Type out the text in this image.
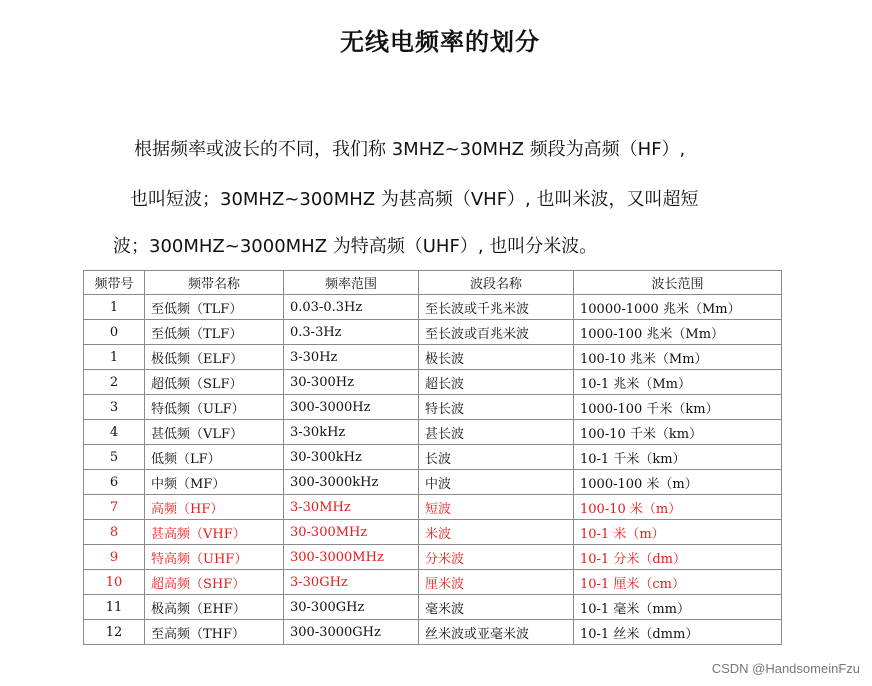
无线电频率的划分
根据频率或波长的不同，我们称 3MHZ~30MHZ 频段为高频（HF）,
也叫短波；30MHZ~300MHZ 为甚高频（VHF）, 也叫米波，又叫超短
波；300MHZ~3000MHZ 为特高频（UHF）, 也叫分米波。
频带号	频带名称	频率范围	波段名称	波长范围
1	至低频（TLF）	0.03-0.3Hz	至长波或千兆米波	10000-1000 兆米（Mm）
0	至低频（TLF）	0.3-3Hz	至长波或百兆米波	1000-100 兆米（Mm）
1	极低频（ELF）	3-30Hz	极长波	100-10 兆米（Mm）
2	超低频（SLF）	30-300Hz	超长波	10-1 兆米（Mm）
3	特低频（ULF）	300-3000Hz	特长波	1000-100 千米（km）
4	甚低频（VLF）	3-30kHz	甚长波	100-10 千米（km）
5	低频（LF）	30-300kHz	长波	10-1 千米（km）
6	中频（MF）	300-3000kHz	中波	1000-100 米（m）
7	高频（HF）	3-30MHz	短波	100-10 米（m）
8	甚高频（VHF）	30-300MHz	米波	10-1 米（m）
9	特高频（UHF）	300-3000MHz	分米波	10-1 分米（dm）
10	超高频（SHF）	3-30GHz	厘米波	10-1 厘米（cm）
11	极高频（EHF）	30-300GHz	毫米波	10-1 毫米（mm）
12	至高频（THF）	300-3000GHz	丝米波或亚毫米波	10-1 丝米（dmm）
CSDN @HandsomeinFzu
